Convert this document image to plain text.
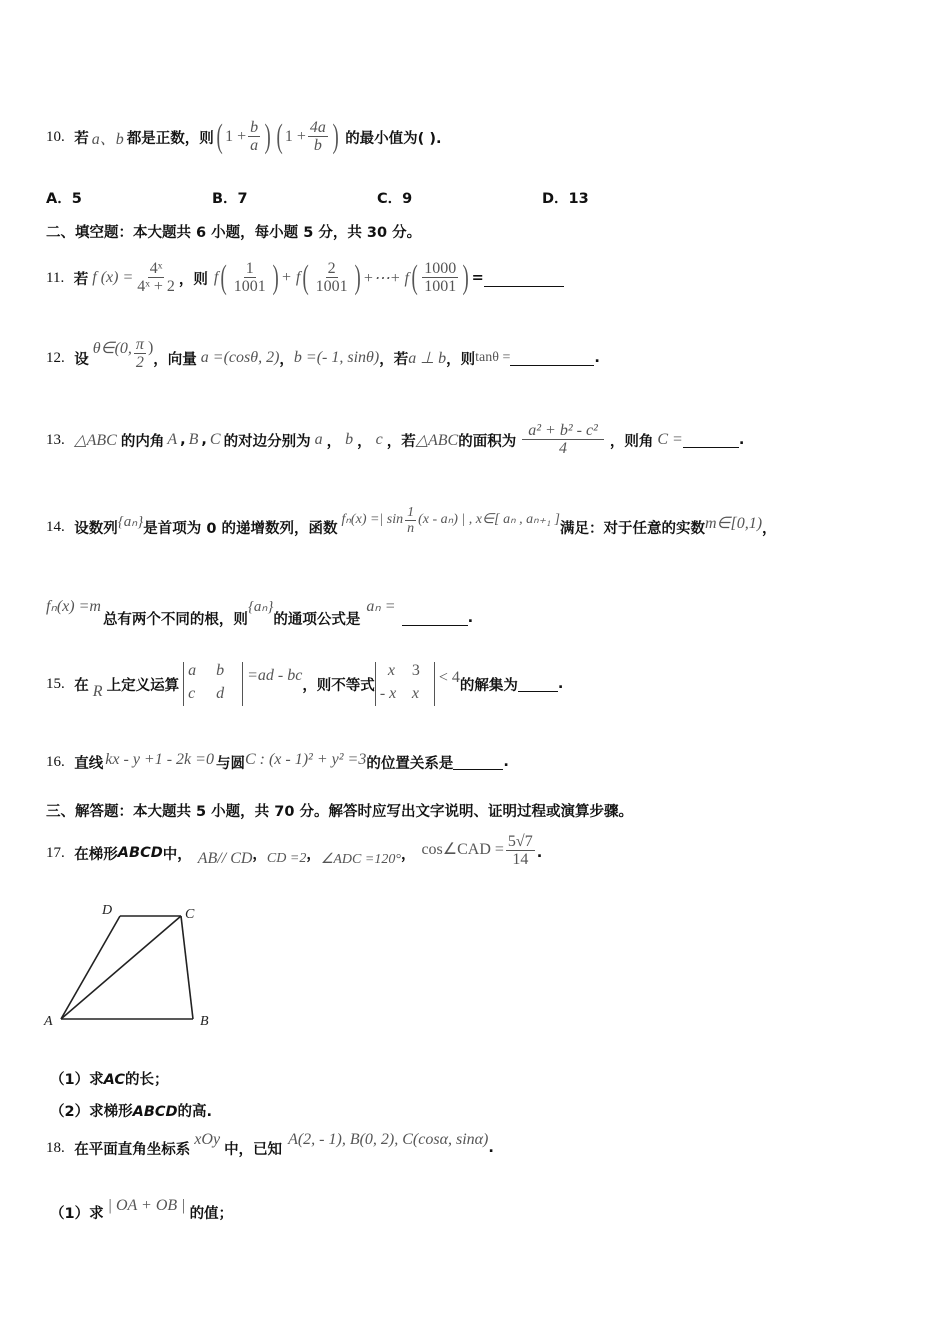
10.
若 a、b 都是正数，则 ( $1 + \frac{b}{a}$ ) ( $1 + \frac{4a}{b}$ ) 的最小值为( ).
A．5	B．7	C．9	D．13
二、填空题：本大题共 6 小题，每小题 5 分，共 30 分。
11.
若 f $(x) = \frac{\text{4ˣ}}{\text{4ˣ + 2}}$ ，则 f ( $\frac{1}{1001}$ ) + f ( $\frac{2}{1001}$ ) +⋯+ f ( $\frac{1000}{1001}$ ) =
12.
设
θ∈(0, $\frac{\pi}{2}$ )
，向量 a =(cosθ, 2) ， b =(- 1, sinθ) ，若 a ⊥ b ，则 tanθ =	.
13.
△ABC 的内角 A , B , C 的对边分别为 a ， b ， c ，若 △ABC 的面积为 $\frac{\text{a² + b² - c²}}{4}$ ，则角 C =	.
14.
设数列 {aₙ} 是首项为 0 的递增数列，函数
fₙ(x) =| $\sin \frac{1}{n} (x - a_n)$ | , x∈[ aₙ , aₙ₊₁ ]
满足：对于任意的实数 m∈[0,1) ，
fₙ(x) =m
总有两个不同的根，则
{aₙ}
的通项公式是
aₙ =
.
15.
在 R 上定义运算
a	b
c	d
=ad - bc
，则不等式
x	3
- x x
< 4 的解集为	.
16.
直线 kx - y +1 - 2k =0 与圆 C : (x - 1)² + y² =3 的位置关系是	.
三、解答题：本大题共 5 小题，共 70 分。解答时应写出文字说明、证明过程或演算步骤。
17.
在梯形 ABCD 中， AB// CD ， CD =2 ， ∠ADC =120° ， cos∠CAD = $\frac{5√7}{14}$ .
D	C
A	B
（1）求AC的长；
（2）求梯形ABCD的高.
18.
在平面直角坐标系
xOy
中，已知
A(2, - 1), B(0, 2), C(cosα, sinα) .
（1）求 | OA + OB | 的值；
